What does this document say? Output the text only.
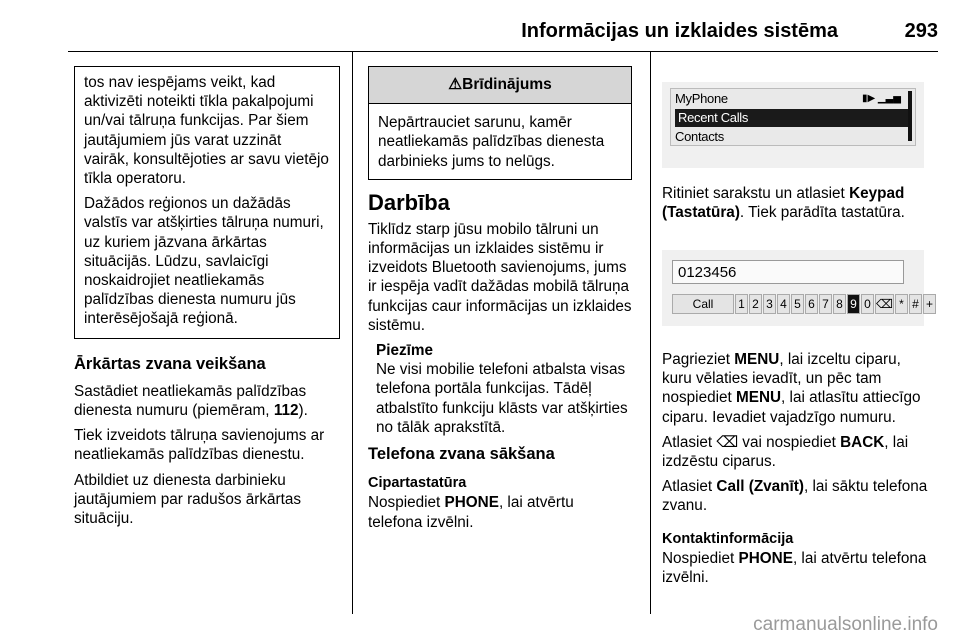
Informācijas un izklaides sistēma	293

tos nav iespējams veikt, kad aktivizēti noteikti tīkla pakalpojumi un/vai tālruņa funkcijas. Par šiem jautājumiem jūs varat uzzināt vairāk, konsultējoties ar savu vietējo tīkla operatoru.

Dažādos reģionos un dažādās valstīs var atšķirties tālruņa numuri, uz kuriem jāzvana ārkārtas situācijās. Lūdzu, savlaicīgi noskaidrojiet neatliekamās palīdzības dienesta numuru jūs interēsējošajā reģionā.

Ārkārtas zvana veikšana

Sastādiet neatliekamās palīdzības dienesta numuru (piemēram, 112).

Tiek izveidots tālruņa savienojums ar neatliekamās palīdzības dienestu.

Atbildiet uz dienesta darbinieku jautājumiem par radušos ārkārtas situāciju.

⚠Brīdinājums
Nepārtrauciet sarunu, kamēr neatliekamās palīdzības dienesta darbinieks jums to nelūgs.
Darbība

Tiklīdz starp jūsu mobilo tālruni un informācijas un izklaides sistēmu ir izveidots Bluetooth savienojums, jums ir iespēja vadīt dažādas mobilā tālruņa funkcijas caur informācijas un izklaides sistēmu.

Piezīme

Ne visi mobilie telefoni atbalsta visas telefona portāla funkcijas. Tādēļ atbalstīto funkciju klāsts var atšķirties no tālāk aprakstītā.

Telefona zvana sākšana
Cipartastatūra

Nospiediet PHONE, lai atvērtu telefona izvēlni.

MyPhone	▮▶ ▁▃▅
Recent Calls
Contacts

Ritiniet sarakstu un atlasiet Keypad (Tastatūra). Tiek parādīta tastatūra.

0123456
Call	1 2 3 4 5 6 7 8 9 0 ⌫ * # +

Pagrieziet MENU, lai izceltu ciparu, kuru vēlaties ievadīt, un pēc tam nospiediet MENU, lai atlasītu attiecīgo ciparu. Ievadiet vajadzīgo numuru.

Atlasiet ⌫ vai nospiediet BACK, lai izdzēstu ciparus.

Atlasiet Call (Zvanīt), lai sāktu telefona zvanu.

Kontaktinformācija

Nospiediet PHONE, lai atvērtu telefona izvēlni.

carmanualsonline.info
